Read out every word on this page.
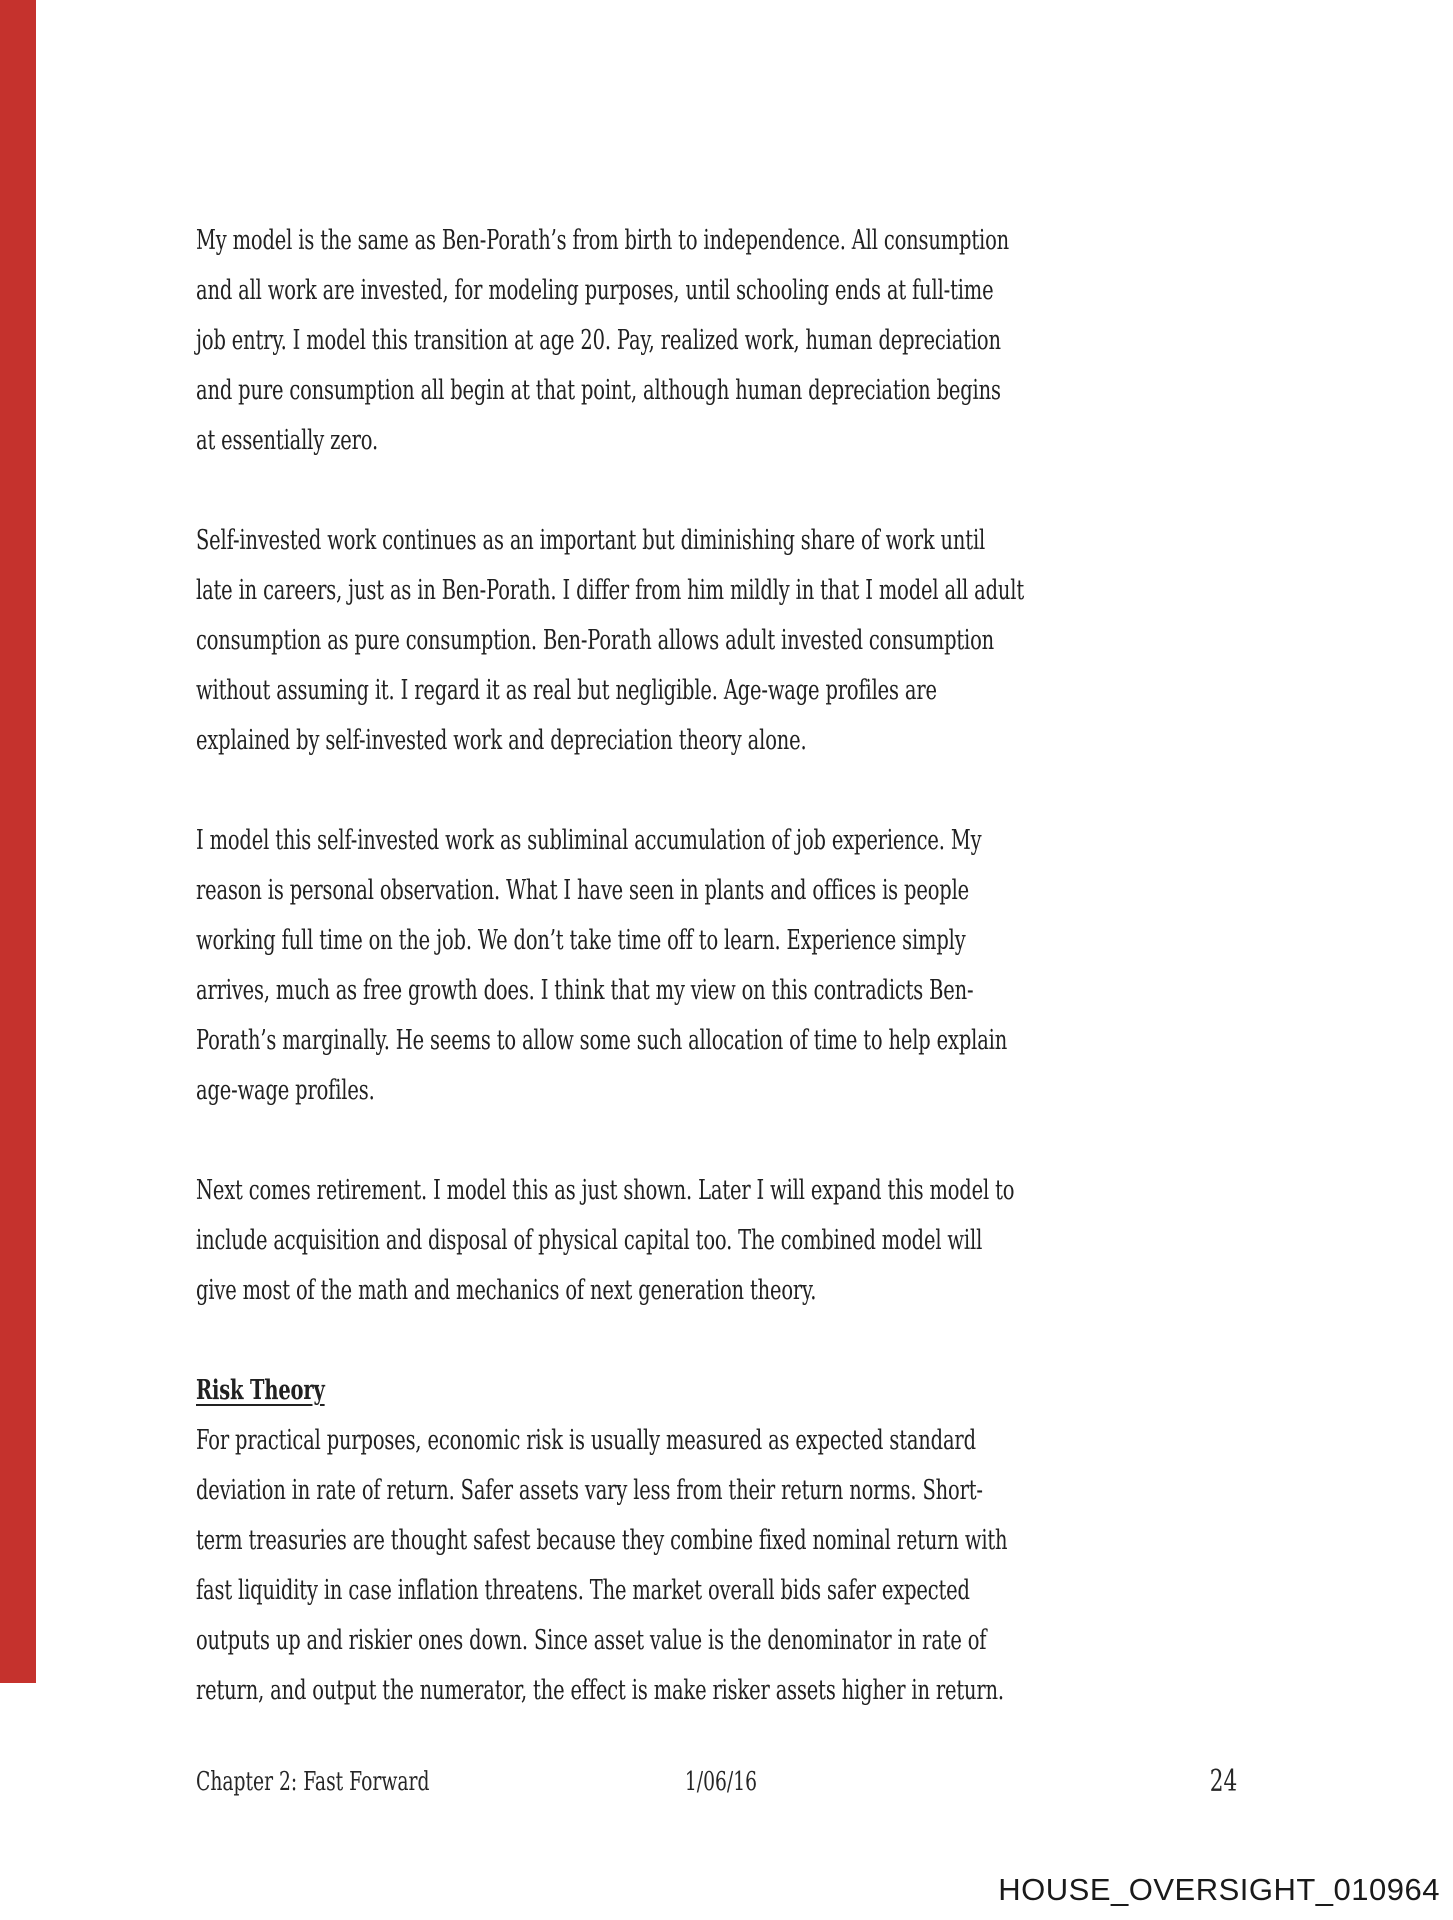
My model is the same as Ben-Porath’s from birth to independence. All consumption
and all work are invested, for modeling purposes, until schooling ends at full-time
job entry. I model this transition at age 20. Pay, realized work, human depreciation
and pure consumption all begin at that point, although human depreciation begins
at essentially zero.
Self-invested work continues as an important but diminishing share of work until
late in careers, just as in Ben-Porath. I differ from him mildly in that I model all adult
consumption as pure consumption. Ben-Porath allows adult invested consumption
without assuming it. I regard it as real but negligible. Age-wage profiles are
explained by self-invested work and depreciation theory alone.
I model this self-invested work as subliminal accumulation of job experience. My
reason is personal observation. What I have seen in plants and offices is people
working full time on the job. We don’t take time off to learn. Experience simply
arrives, much as free growth does. I think that my view on this contradicts Ben-
Porath’s marginally. He seems to allow some such allocation of time to help explain
age-wage profiles.
Next comes retirement. I model this as just shown. Later I will expand this model to
include acquisition and disposal of physical capital too. The combined model will
give most of the math and mechanics of next generation theory.
Risk Theory
For practical purposes, economic risk is usually measured as expected standard
deviation in rate of return. Safer assets vary less from their return norms. Short-
term treasuries are thought safest because they combine fixed nominal return with
fast liquidity in case inflation threatens. The market overall bids safer expected
outputs up and riskier ones down. Since asset value is the denominator in rate of
return, and output the numerator, the effect is make risker assets higher in return.
Chapter 2: Fast Forward	1/06/16	24
HOUSE_OVERSIGHT_010964
